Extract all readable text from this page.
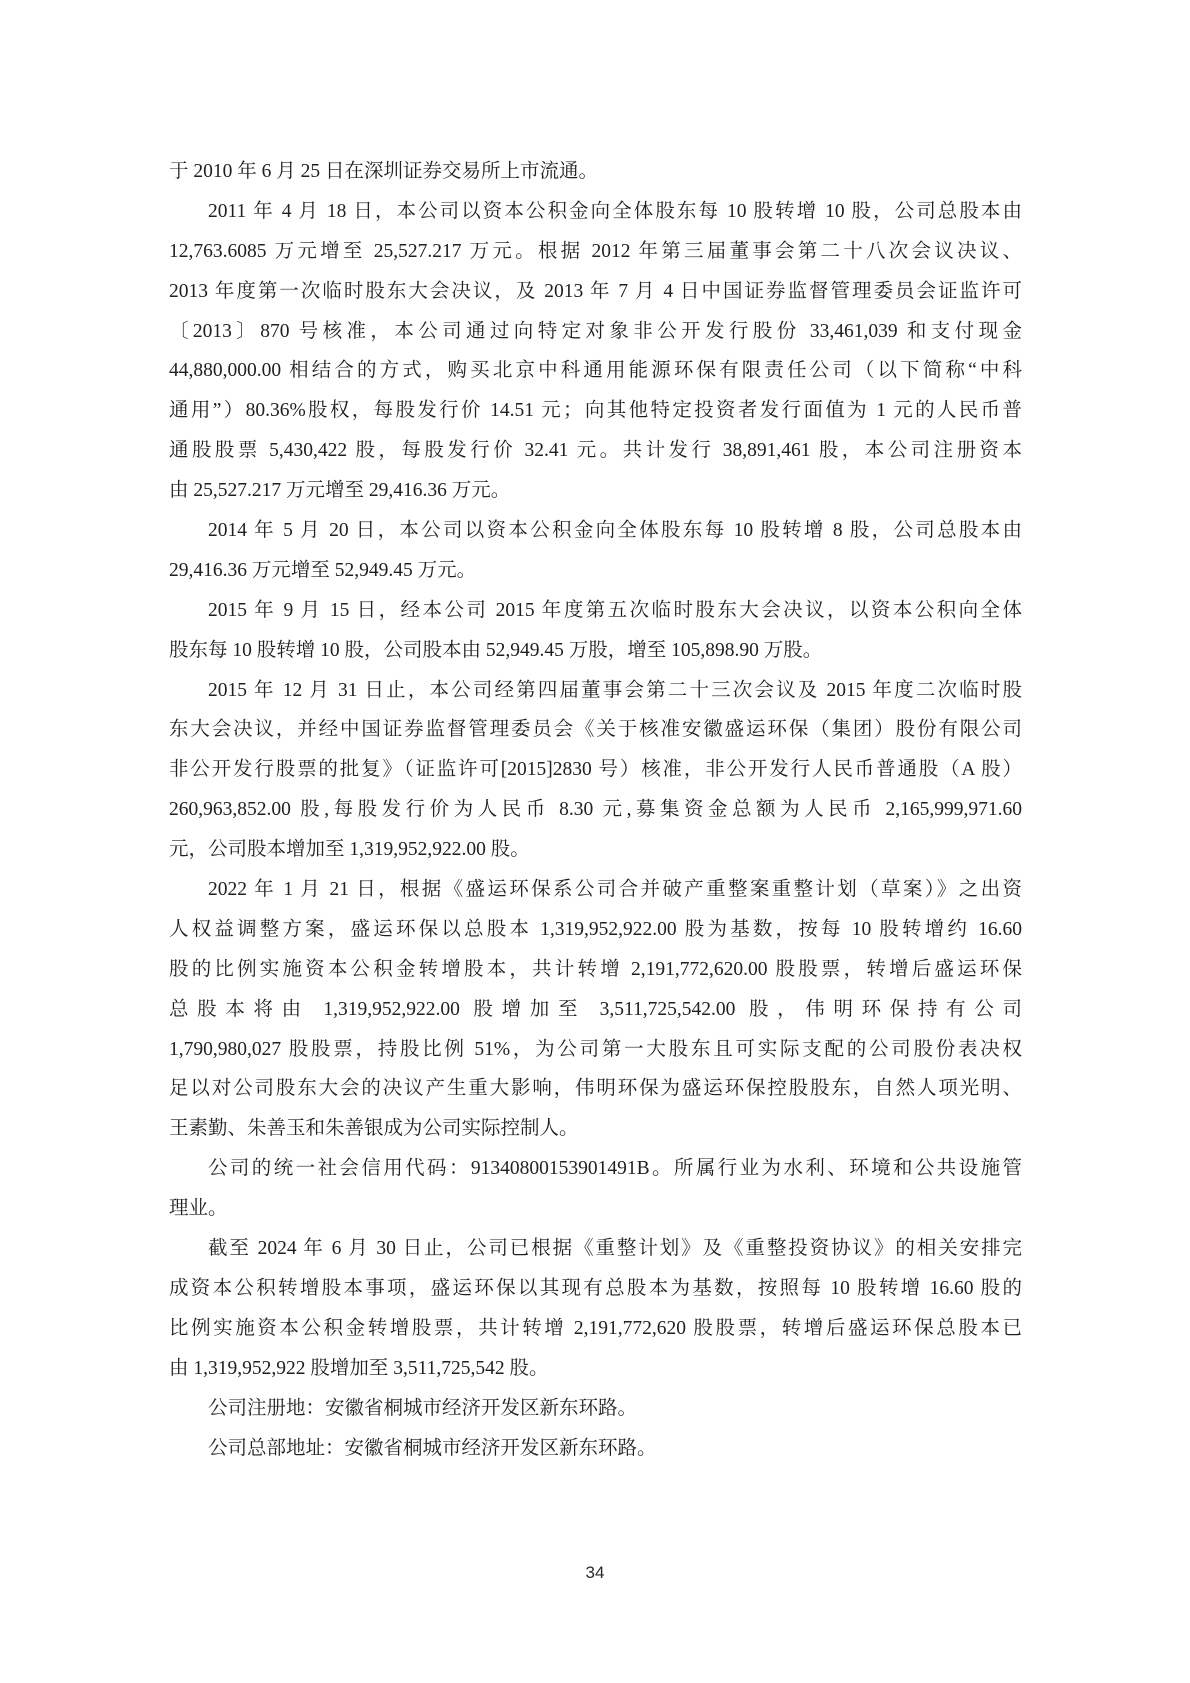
于 2010 年 6 月 25 日在深圳证券交易所上市流通。
2011 年 4 月 18 日，本公司以资本公积金向全体股东每 10 股转增 10 股，公司总股本由
12,763.6085 万元增至 25,527.217 万元。根据 2012 年第三届董事会第二十八次会议决议、
2013 年度第一次临时股东大会决议，及 2013 年 7 月 4 日中国证券监督管理委员会证监许可
〔2013〕870 号核准，本公司通过向特定对象非公开发行股份 33,461,039 和支付现金
44,880,000.00 相结合的方式，购买北京中科通用能源环保有限责任公司（以下简称“中科
通用”）80.36%股权，每股发行价 14.51 元；向其他特定投资者发行面值为 1 元的人民币普
通股股票 5,430,422 股，每股发行价 32.41 元。共计发行 38,891,461 股，本公司注册资本
由 25,527.217 万元增至 29,416.36 万元。
2014 年 5 月 20 日，本公司以资本公积金向全体股东每 10 股转增 8 股，公司总股本由
29,416.36 万元增至 52,949.45 万元。
2015 年 9 月 15 日，经本公司 2015 年度第五次临时股东大会决议，以资本公积向全体
股东每 10 股转增 10 股，公司股本由 52,949.45 万股，增至 105,898.90 万股。
2015 年 12 月 31 日止，本公司经第四届董事会第二十三次会议及 2015 年度二次临时股
东大会决议，并经中国证券监督管理委员会《关于核准安徽盛运环保（集团）股份有限公司
非公开发行股票的批复》（证监许可[2015]2830 号）核准，非公开发行人民币普通股（A 股）
260,963,852.00 股,每股发行价为人民币 8.30 元,募集资金总额为人民币 2,165,999,971.60
元，公司股本增加至 1,319,952,922.00 股。
2022 年 1 月 21 日，根据《盛运环保系公司合并破产重整案重整计划（草案）》之出资
人权益调整方案，盛运环保以总股本 1,319,952,922.00 股为基数，按每 10 股转增约 16.60
股的比例实施资本公积金转增股本，共计转增 2,191,772,620.00 股股票，转增后盛运环保
总股本将由 1,319,952,922.00 股增加至 3,511,725,542.00 股，伟明环保持有公司
1,790,980,027 股股票，持股比例 51%，为公司第一大股东且可实际支配的公司股份表决权
足以对公司股东大会的决议产生重大影响，伟明环保为盛运环保控股股东，自然人项光明、
王素勤、朱善玉和朱善银成为公司实际控制人。
公司的统一社会信用代码：91340800153901491B。所属行业为水利、环境和公共设施管
理业。
截至 2024 年 6 月 30 日止，公司已根据《重整计划》及《重整投资协议》的相关安排完
成资本公积转增股本事项，盛运环保以其现有总股本为基数，按照每 10 股转增 16.60 股的
比例实施资本公积金转增股票，共计转增 2,191,772,620 股股票，转增后盛运环保总股本已
由 1,319,952,922 股增加至 3,511,725,542 股。
公司注册地：安徽省桐城市经济开发区新东环路。
公司总部地址：安徽省桐城市经济开发区新东环路。
34
